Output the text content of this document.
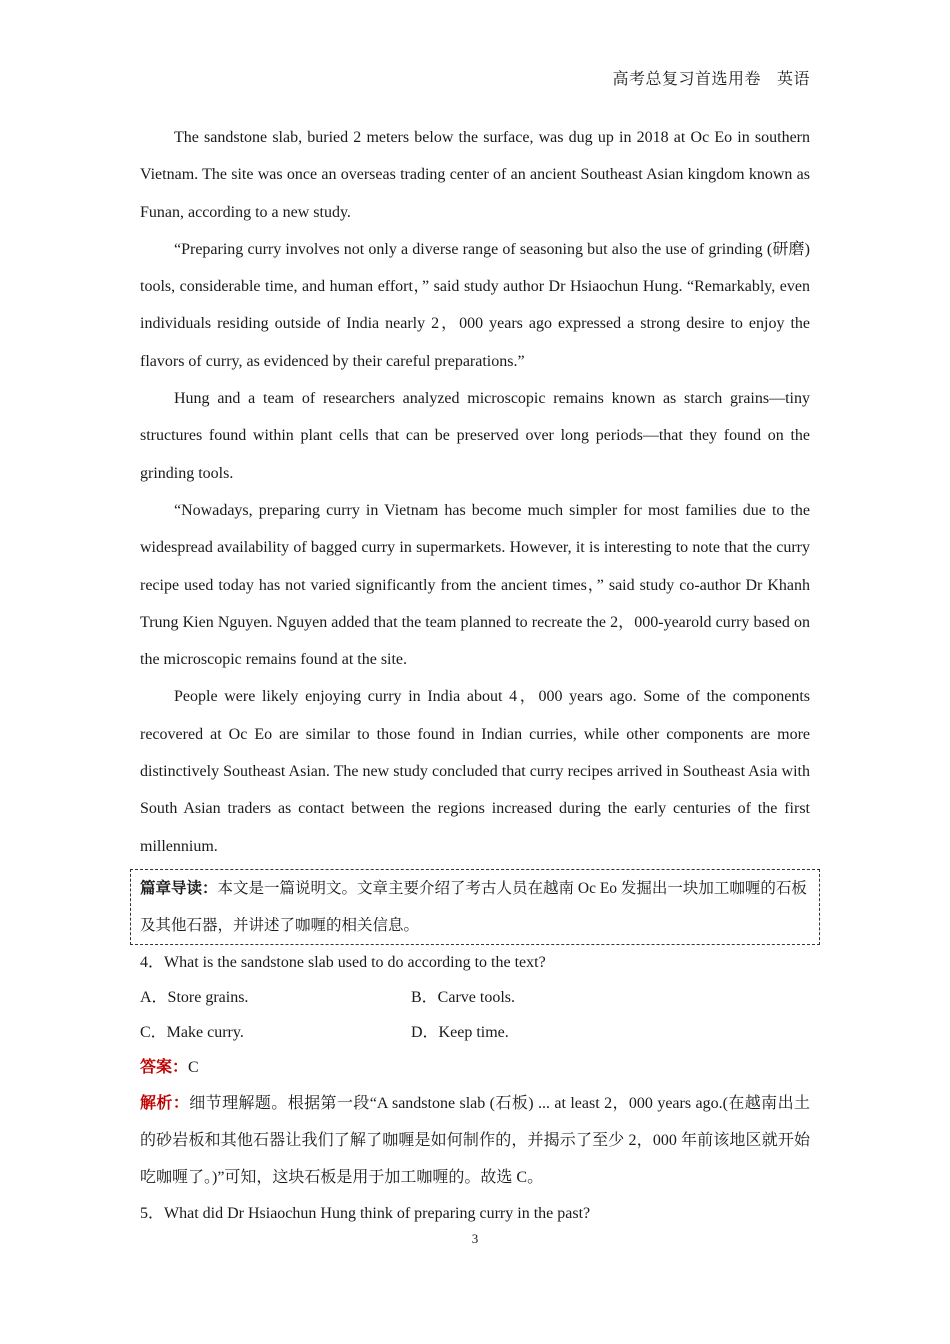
高考总复习首选用卷 英语

The sandstone slab, buried 2 meters below the surface, was dug up in 2018 at Oc Eo in southern Vietnam. The site was once an overseas trading center of an ancient Southeast Asian kingdom known as Funan, according to a new study.

“Preparing curry involves not only a diverse range of seasoning but also the use of grinding (研磨) tools, considerable time, and human effort，” said study author Dr Hsiaochun Hung. “Remarkably, even individuals residing outside of India nearly 2，000 years ago expressed a strong desire to enjoy the flavors of curry, as evidenced by their careful preparations.”

Hung and a team of researchers analyzed microscopic remains known as starch grains—tiny structures found within plant cells that can be preserved over long periods—that they found on the grinding tools.

“Nowadays, preparing curry in Vietnam has become much simpler for most families due to the widespread availability of bagged curry in supermarkets. However, it is interesting to note that the curry recipe used today has not varied significantly from the ancient times，” said study co-author Dr Khanh Trung Kien Nguyen. Nguyen added that the team planned to recreate the 2，000-yearold curry based on the microscopic remains found at the site.

People were likely enjoying curry in India about 4，000 years ago. Some of the components recovered at Oc Eo are similar to those found in Indian curries, while other components are more distinctively Southeast Asian. The new study concluded that curry recipes arrived in Southeast Asia with South Asian traders as contact between the regions increased during the early centuries of the first millennium.

篇章导读：本文是一篇说明文。文章主要介绍了考古人员在越南 Oc Eo 发掘出一块加工咖喱的石板及其他石器，并讲述了咖喱的相关信息。

4．What is the sandstone slab used to do according to the text?

A．Store grains.	B．Carve tools.
C．Make curry.	D．Keep time.

答案：C

解析：细节理解题。根据第一段“A sandstone slab (石板) ... at least 2，000 years ago.(在越南出土的砂岩板和其他石器让我们了解了咖喱是如何制作的，并揭示了至少 2，000 年前该地区就开始吃咖喱了。)”可知，这块石板是用于加工咖喱的。故选 C。

5．What did Dr Hsiaochun Hung think of preparing curry in the past?

3
